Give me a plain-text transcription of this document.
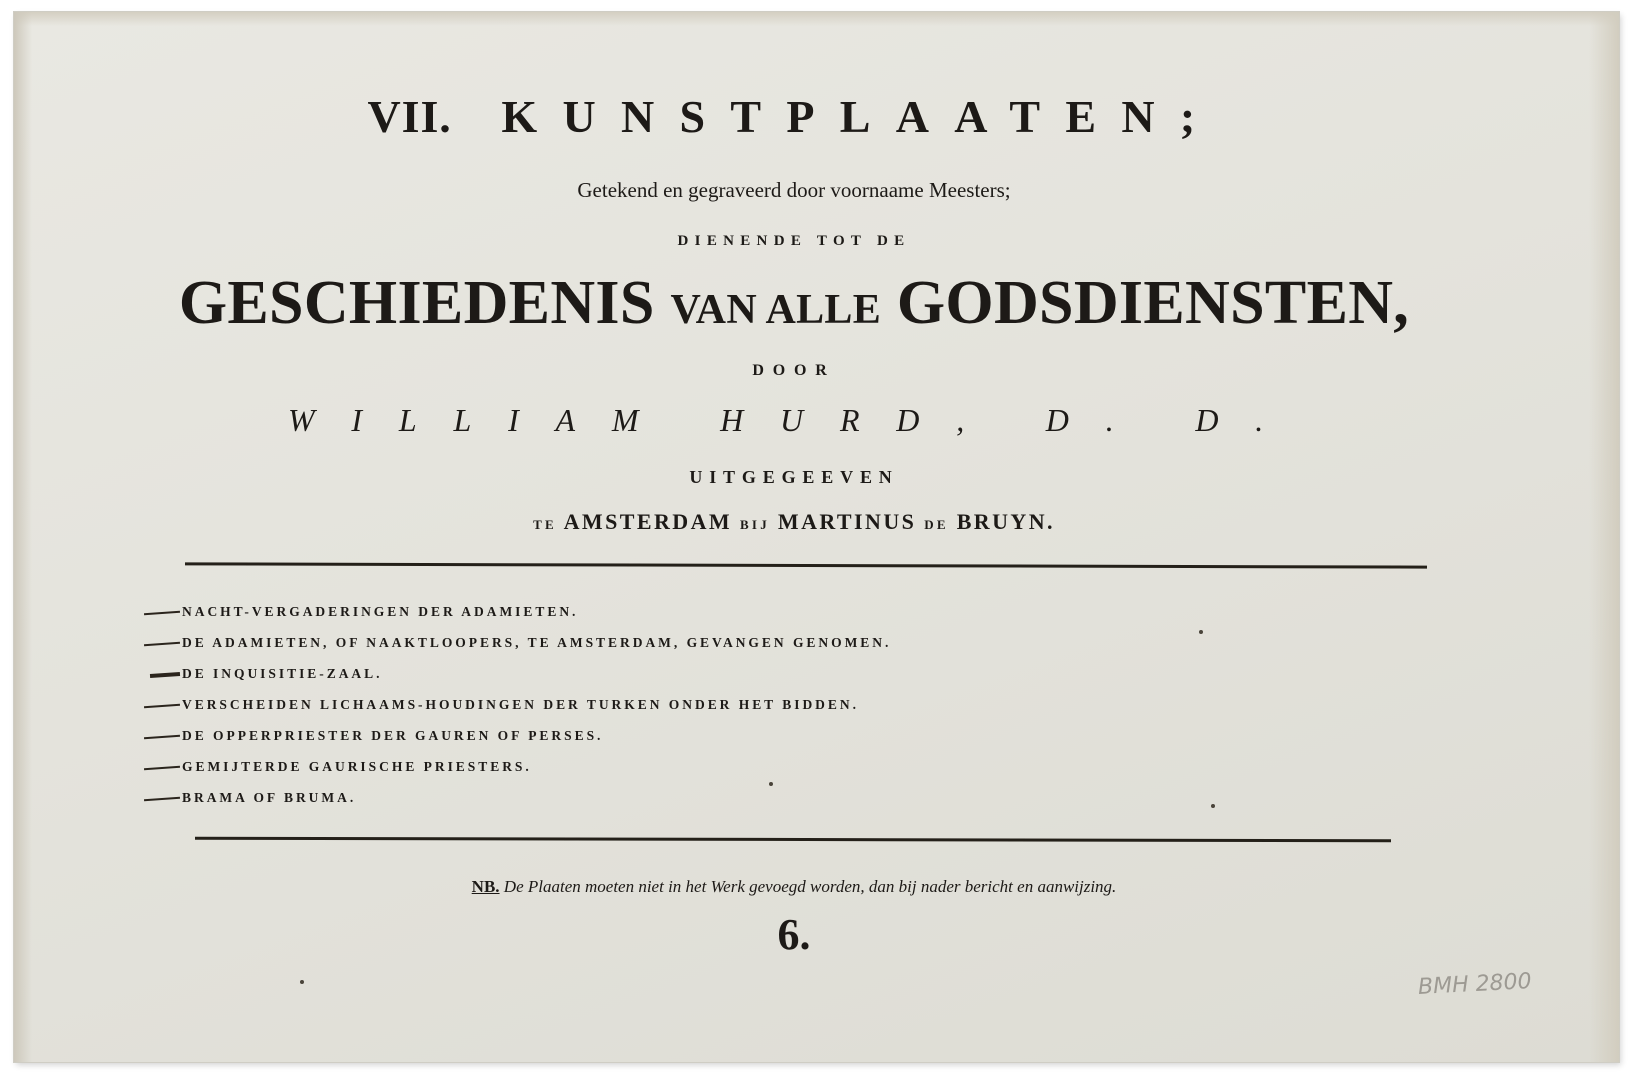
VII. KUNSTPLAATEN;
Getekend en gegraveerd door voornaame Meesters;
DIENENDE TOT DE
GESCHIEDENIS VAN ALLE GODSDIENSTEN,
DOOR
WILLIAM HURD, D. D.
UITGEGEEVEN
TE AMSTERDAM BIJ MARTINUS DE BRUYN.
NACHT-VERGADERINGEN DER ADAMIETEN.
DE ADAMIETEN, OF NAAKTLOOPERS, TE AMSTERDAM, GEVANGEN GENOMEN.
DE INQUISITIE-ZAAL.
VERSCHEIDEN LICHAAMS-HOUDINGEN DER TURKEN ONDER HET BIDDEN.
DE OPPERPRIESTER DER GAUREN OF PERSES.
GEMIJTERDE GAURISCHE PRIESTERS.
BRAMA OF BRUMA.
NB. De Plaaten moeten niet in het Werk gevoegd worden, dan bij nader bericht en aanwijzing.
6.
BMH 2800
